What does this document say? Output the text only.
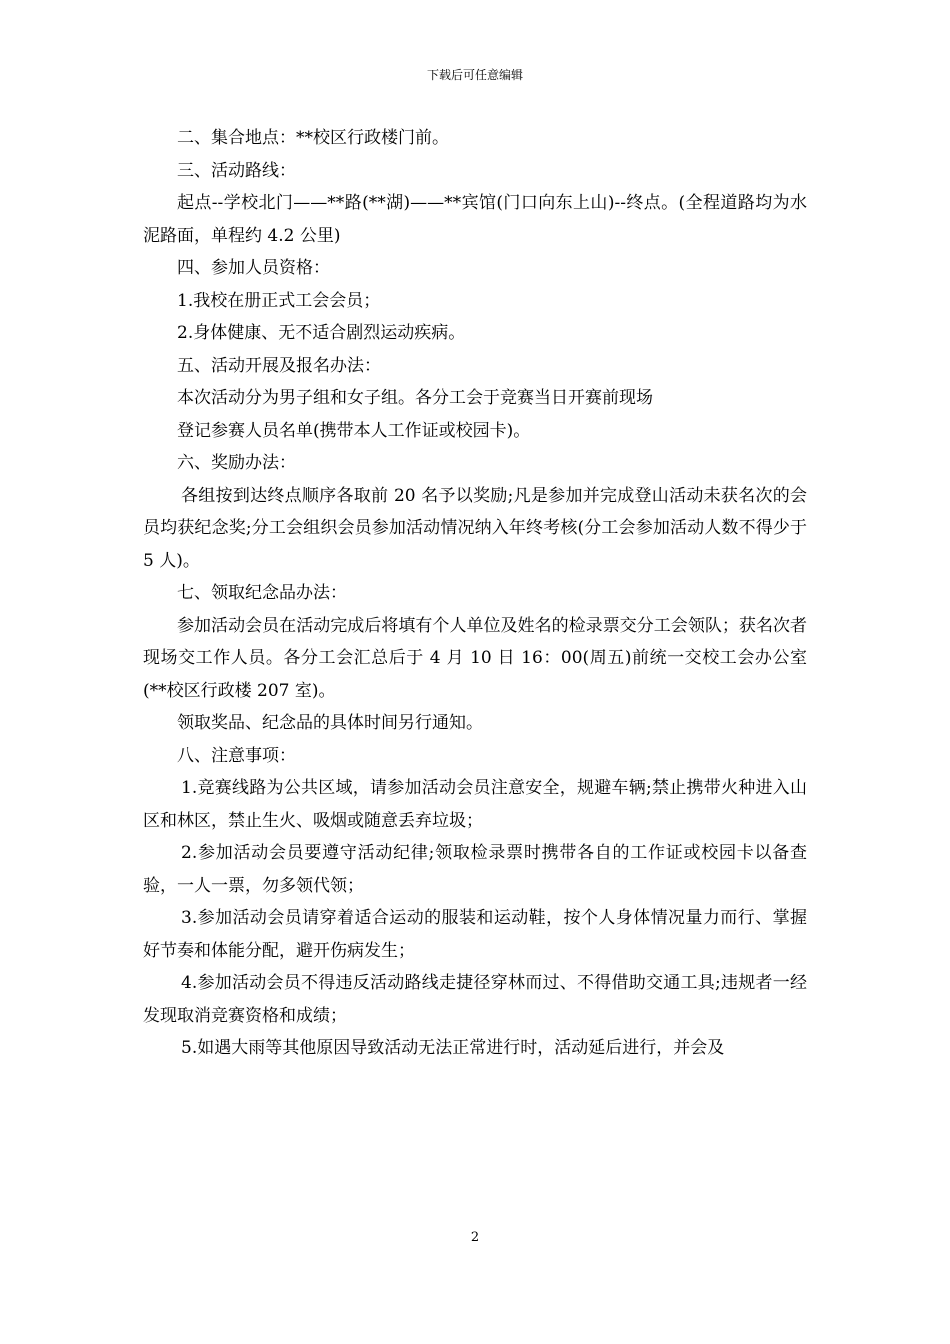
下载后可任意编辑

二、集合地点：**校区行政楼门前。

三、活动路线：

起点--学校北门——**路(**湖)——**宾馆(门口向东上山)--终点。(全程道路均为水泥路面，单程约 4.2 公里)

四、参加人员资格：

1.我校在册正式工会会员；

2.身体健康、无不适合剧烈运动疾病。

五、活动开展及报名办法：

本次活动分为男子组和女子组。各分工会于竞赛当日开赛前现场

登记参赛人员名单(携带本人工作证或校园卡)。

六、奖励办法：

各组按到达终点顺序各取前 20 名予以奖励;凡是参加并完成登山活动未获名次的会员均获纪念奖;分工会组织会员参加活动情况纳入年终考核(分工会参加活动人数不得少于 5 人)。

七、领取纪念品办法：

参加活动会员在活动完成后将填有个人单位及姓名的检录票交分工会领队；获名次者现场交工作人员。各分工会汇总后于 4 月 10 日 16：00(周五)前统一交校工会办公室(**校区行政楼 207 室)。

领取奖品、纪念品的具体时间另行通知。

八、注意事项：

1.竞赛线路为公共区域，请参加活动会员注意安全，规避车辆;禁止携带火种进入山区和林区，禁止生火、吸烟或随意丢弃垃圾；

2.参加活动会员要遵守活动纪律;领取检录票时携带各自的工作证或校园卡以备查验，一人一票，勿多领代领；

3.参加活动会员请穿着适合运动的服装和运动鞋，按个人身体情况量力而行、掌握好节奏和体能分配，避开伤病发生；

4.参加活动会员不得违反活动路线走捷径穿林而过、不得借助交通工具;违规者一经发现取消竞赛资格和成绩；

5.如遇大雨等其他原因导致活动无法正常进行时，活动延后进行，并会及

2
